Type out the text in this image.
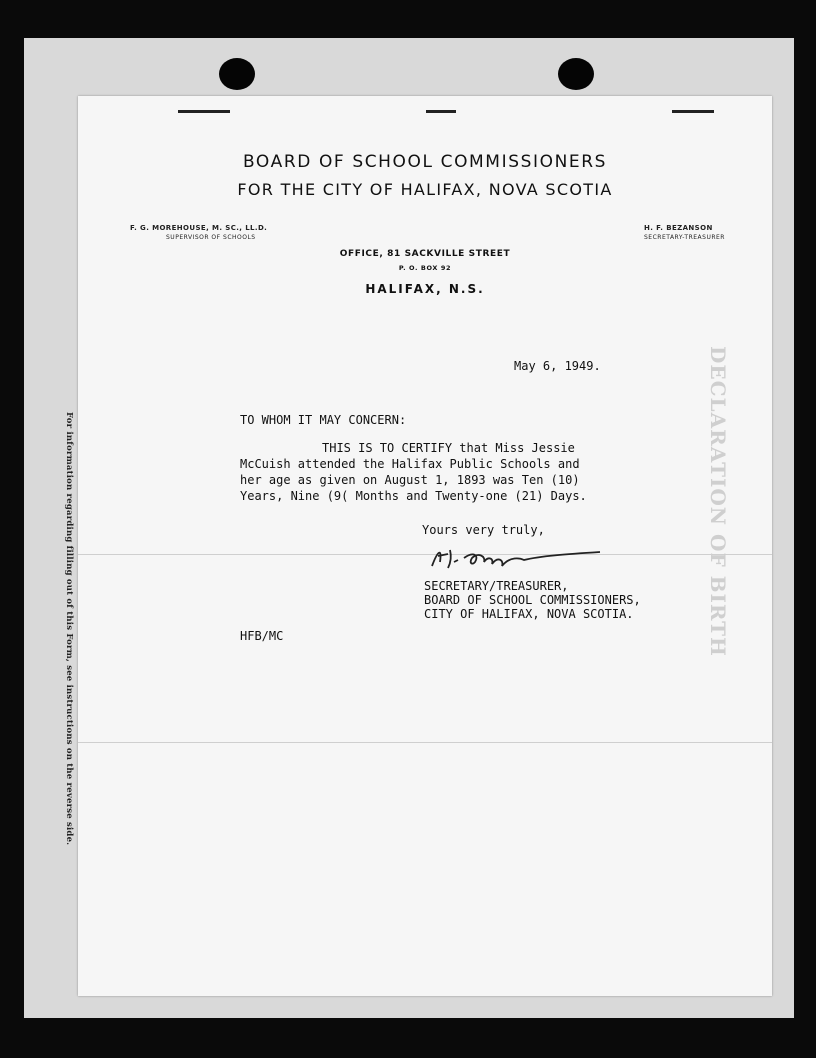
For information regarding filling out of this Form, see instructions on the reverse side.	DECLARATION OF BIRTH
BOARD OF SCHOOL COMMISSIONERS
FOR THE CITY OF HALIFAX, NOVA SCOTIA
F. G. MOREHOUSE, M. SC., LL.D.
SUPERVISOR OF SCHOOLS
H. F. BEZANSON
SECRETARY-TREASURER
OFFICE, 81 SACKVILLE STREET
P. O. BOX 92
HALIFAX, N.S.
May 6, 1949.
TO WHOM IT MAY CONCERN:
THIS IS TO CERTIFY that Miss Jessie
McCuish attended the Halifax Public Schools and
her age as given on August 1, 1893 was Ten (10)
Years, Nine (9( Months and Twenty-one (21) Days.
Yours very truly,
SECRETARY/TREASURER,
BOARD OF SCHOOL COMMISSIONERS,
CITY OF HALIFAX, NOVA SCOTIA.
HFB/MC
